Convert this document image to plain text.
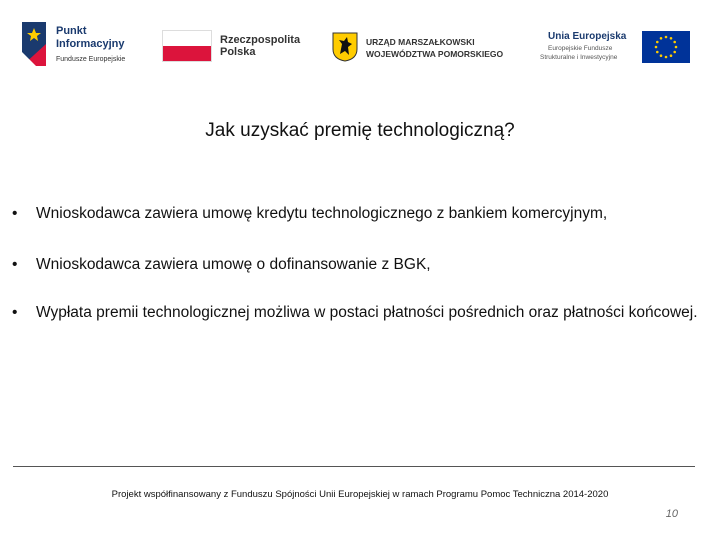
Punkt
Informacyjny
Fundusze Europejskie
Rzeczpospolita
Polska
URZĄD MARSZAŁKOWSKI
WOJEWÓDZTWA POMORSKIEGO
Unia Europejska
Europejskie Fundusze
Strukturalne i Inwestycyjne
Jak uzyskać premię technologiczną?
• Wnioskodawca zawiera umowę kredytu technologicznego z bankiem komercyjnym,
• Wnioskodawca zawiera umowę o dofinansowanie z BGK,
• Wypłata premii technologicznej możliwa w postaci płatności pośrednich oraz płatności końcowej.
Projekt współfinansowany z Funduszu Spójności Unii Europejskiej w ramach Programu Pomoc Techniczna 2014-2020
10
